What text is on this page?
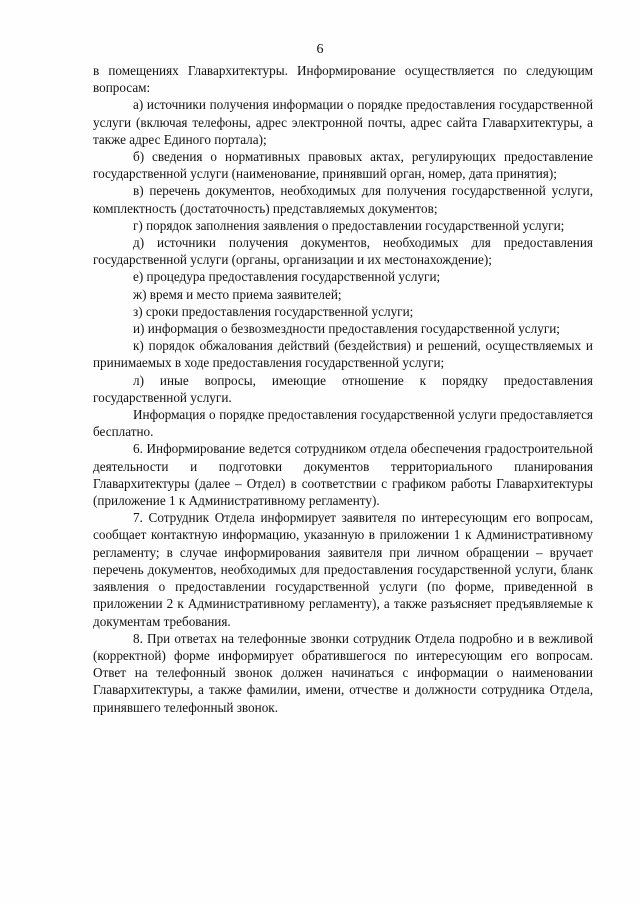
6

в помещениях Главархитектуры. Информирование осуществляется по следующим вопросам:

а) источники получения информации о порядке предоставления государственной услуги (включая телефоны, адрес электронной почты, адрес сайта Главархитектуры, а также адрес Единого портала);

б) сведения о нормативных правовых актах, регулирующих предоставление государственной услуги (наименование, принявший орган, номер, дата принятия);

в) перечень документов, необходимых для получения государственной услуги, комплектность (достаточность) представляемых документов;

г) порядок заполнения заявления о предоставлении государственной услуги;

д) источники получения документов, необходимых для предоставления государственной услуги (органы, организации и их местонахождение);

е) процедура предоставления государственной услуги;

ж) время и место приема заявителей;

з) сроки предоставления государственной услуги;

и) информация о безвозмездности предоставления государственной услуги;

к) порядок обжалования действий (бездействия) и решений, осуществляемых и принимаемых в ходе предоставления государственной услуги;

л) иные вопросы, имеющие отношение к порядку предоставления государственной услуги.

Информация о порядке предоставления государственной услуги предоставляется бесплатно.

6. Информирование ведется сотрудником отдела обеспечения градостроительной деятельности и подготовки документов территориального планирования Главархитектуры (далее – Отдел) в соответствии с графиком работы Главархитектуры (приложение 1 к Административному регламенту).

7. Сотрудник Отдела информирует заявителя по интересующим его вопросам, сообщает контактную информацию, указанную в приложении 1 к Административному регламенту; в случае информирования заявителя при личном обращении – вручает перечень документов, необходимых для предоставления государственной услуги, бланк заявления о предоставлении государственной услуги (по форме, приведенной в приложении 2 к Административному регламенту), а также разъясняет предъявляемые к документам требования.

8. При ответах на телефонные звонки сотрудник Отдела подробно и в вежливой (корректной) форме информирует обратившегося по интересующим его вопросам. Ответ на телефонный звонок должен начинаться с информации о наименовании Главархитектуры, а также фамилии, имени, отчестве и должности сотрудника Отдела, принявшего телефонный звонок.
